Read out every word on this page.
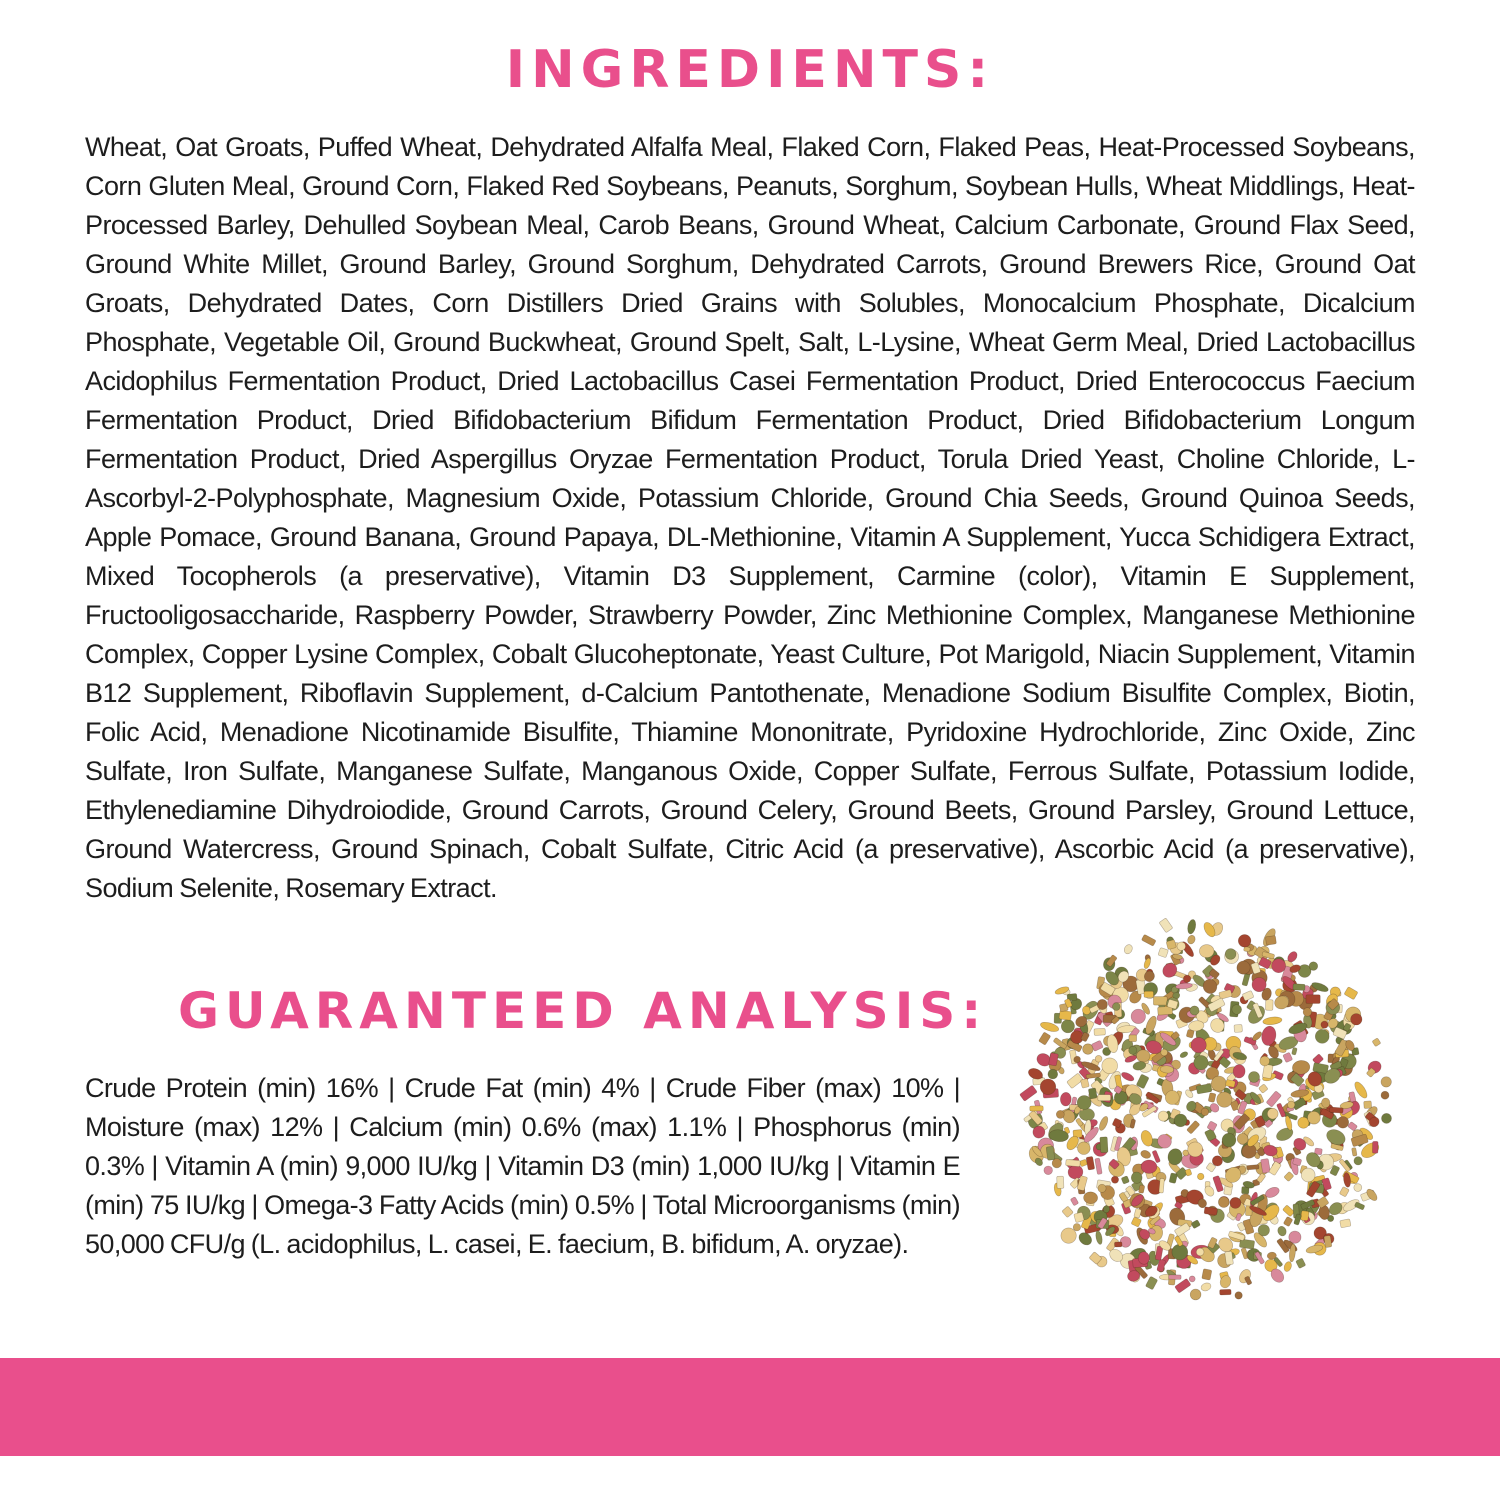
INGREDIENTS:

Wheat, Oat Groats, Puffed Wheat, Dehydrated Alfalfa Meal, Flaked Corn, Flaked Peas, Heat-Processed Soybeans, Corn Gluten Meal, Ground Corn, Flaked Red Soybeans, Peanuts, Sorghum, Soybean Hulls, Wheat Middlings, Heat-Processed Barley, Dehulled Soybean Meal, Carob Beans, Ground Wheat, Calcium Carbonate, Ground Flax Seed, Ground White Millet, Ground Barley, Ground Sorghum, Dehydrated Carrots, Ground Brewers Rice, Ground Oat Groats, Dehydrated Dates, Corn Distillers Dried Grains with Solubles, Monocalcium Phosphate, Dicalcium Phosphate, Vegetable Oil, Ground Buckwheat, Ground Spelt, Salt, L-Lysine, Wheat Germ Meal, Dried Lactobacillus Acidophilus Fermentation Product, Dried Lactobacillus Casei Fermentation Product, Dried Enterococcus Faecium Fermentation Product, Dried Bifidobacterium Bifidum Fermentation Product, Dried Bifidobacterium Longum Fermentation Product, Dried Aspergillus Oryzae Fermentation Product, Torula Dried Yeast, Choline Chloride, L-Ascorbyl-2-Polyphosphate, Magnesium Oxide, Potassium Chloride, Ground Chia Seeds, Ground Quinoa Seeds, Apple Pomace, Ground Banana, Ground Papaya, DL-Methionine, Vitamin A Supplement, Yucca Schidigera Extract, Mixed Tocopherols (a preservative), Vitamin D3 Supplement, Carmine (color), Vitamin E Supplement, Fructooligosaccharide, Raspberry Powder, Strawberry Powder, Zinc Methionine Complex, Manganese Methionine Complex, Copper Lysine Complex, Cobalt Glucoheptonate, Yeast Culture, Pot Marigold, Niacin Supplement, Vitamin B12 Supplement, Riboflavin Supplement, d-Calcium Pantothenate, Menadione Sodium Bisulfite Complex, Biotin, Folic Acid, Menadione Nicotinamide Bisulfite, Thiamine Mononitrate, Pyridoxine Hydrochloride, Zinc Oxide, Zinc Sulfate, Iron Sulfate, Manganese Sulfate, Manganous Oxide, Copper Sulfate, Ferrous Sulfate, Potassium Iodide, Ethylenediamine Dihydroiodide, Ground Carrots, Ground Celery, Ground Beets, Ground Parsley, Ground Lettuce, Ground Watercress, Ground Spinach, Cobalt Sulfate, Citric Acid (a preservative), Ascorbic Acid (a preservative), Sodium Selenite, Rosemary Extract.

GUARANTEED ANALYSIS:

Crude Protein (min) 16% | Crude Fat (min) 4% | Crude Fiber (max) 10% | Moisture (max) 12% | Calcium (min) 0.6% (max) 1.1% | Phosphorus (min) 0.3% | Vitamin A (min) 9,000 IU/kg | Vitamin D3 (min) 1,000 IU/kg | Vitamin E (min) 75 IU/kg | Omega-3 Fatty Acids (min) 0.5% | Total Microorganisms (min) 50,000 CFU/g (L. acidophilus, L. casei, E. faecium, B. bifidum, A. oryzae).
